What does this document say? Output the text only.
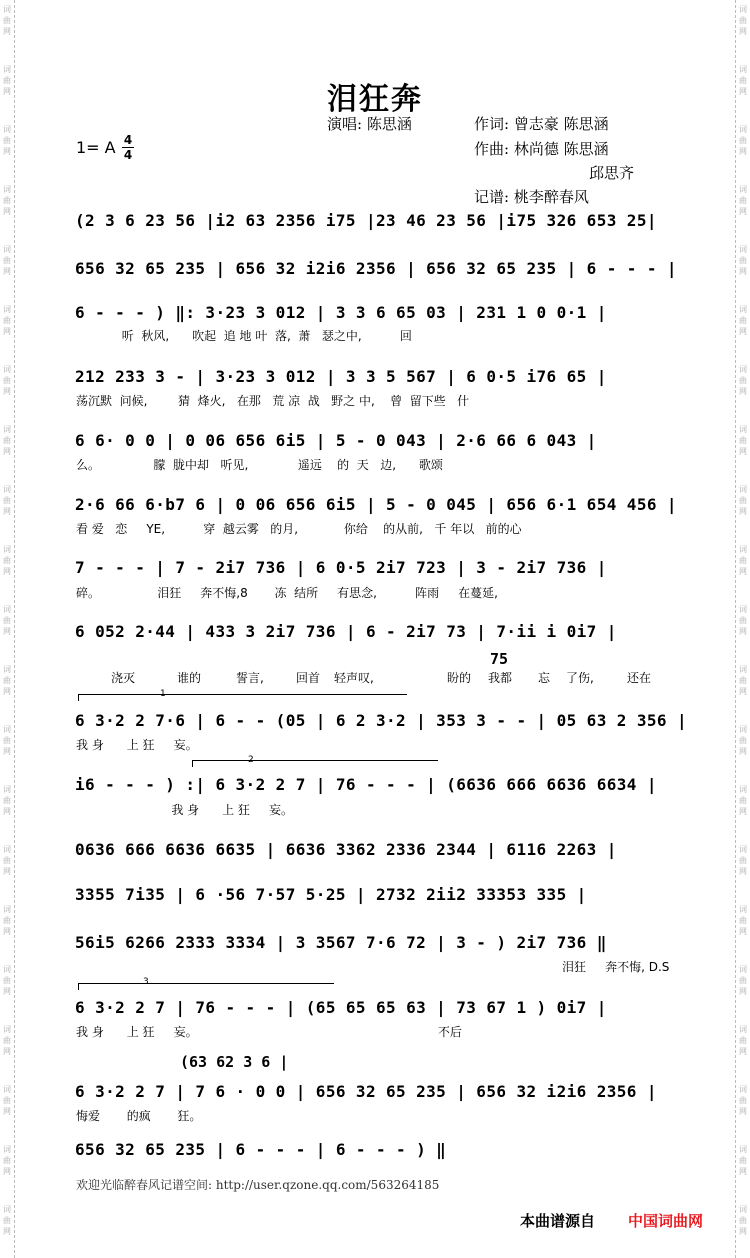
词
曲
网
词
曲
网
词
曲
网
词
曲
网
词
曲
网
词
曲
网
词
曲
网
词
曲
网
词
曲
网
词
曲
网
词
曲
网
词
曲
网
词
曲
网
词
曲
网
词
曲
网
词
曲
网
词
曲
网
词
曲
网
词
曲
网
词
曲
网
词
曲
网
词
曲
网
词
曲
网
词
曲
网
词
曲
网
词
曲
网
词
曲
网
词
曲
网
词
曲
网
词
曲
网
词
曲
网
词
曲
网
词
曲
网
词
曲
网
词
曲
网
词
曲
网
词
曲
网
词
曲
网
词
曲
网
词
曲
网
词
曲
网
词
曲
网
泪狂奔
演唱: 陈思涵	作词: 曾志豪 陈思涵
作曲: 林尚德 陈思涵
邱思齐
记谱: 桃李醉春风
1= A 4
4
(2 3 6 23 56 |i2 63 2356 i75 |23 46 23 56 |i75 326 653 25|
656 32 65 235 | 656 32 i2i6 2356 | 656 32 65 235 | 6 - - - |
6 - - - ) ‖: 3·23 3 012 | 3 3 6 65 03 | 231 1 0 0·1 |
听  秋风,      吹起  追 地 叶  落,  萧   瑟之中,          回
212 233 3 - | 3·23 3 012 | 3 3 5 567 | 6 0·5 i76 65 |
荡沉默  问候,        猜  烽火,   在那   荒 凉  战   野之 中,    曾  留下些   什
6 6· 0 0 | 0 06 656 6i5 | 5 - 0 043 | 2·6 66 6 043 |
么。              朦  胧中却   听见,             遥远    的  天   边,      歌颂
2·6 66 6·b7 6 | 0 06 656 6i5 | 5 - 0 045 | 656 6·1 654 456 |
看 爱   恋     YE,          穿  越云雾   的月,            你给    的从前,   千 年以   前的心
7 - - - | 7 - 2i7 736 | 6 0·5 2i7 723 | 3 - 2i7 736 |
碎。               泪狂     奔不悔,8       冻  结所     有思念,          阵雨     在蔓延,
6 052 2·44 | 433 3 2i7 736 | 6 - 2i7 73 | 7·ii i 0i7 |
75
浇灭	谁的	誓言,	回首	轻声叹,	盼的	我都	忘	了伤,	还在
1
6 3·2 2 7·6 | 6 - - (05 | 6 2 3·2 | 353 3 - - | 05 63 2 356 |
我 身      上 狂     妄。
2
i6 - - - ) :| 6 3·2 2 7 | 76 - - - | (6636 666 6636 6634 |
我 身      上 狂     妄。
0636 666 6636 6635 | 6636 3362 2336 2344 | 6116 2263 |
3355 7i35 | 6 ·56 7·57 5·25 | 2732 2ii2 33353 335 |
56i5 6266 2333 3334 | 3 3567 7·6 72 | 3 - ) 2i7 736 ‖
泪狂     奔不悔, D.S
3
6 3·2 2 7 | 76 - - - | (65 65 65 63 | 73 67 1 ) 0i7 |
我 身      上 狂     妄。                                                               不后
(63 62 3 6 |
6 3·2 2 7 | 7 6 · 0 0 | 656 32 65 235 | 656 32 i2i6 2356 |
悔爱       的疯       狂。
656 32 65 235 | 6 - - - | 6 - - - ) ‖
欢迎光临醉春风记谱空间: http://user.qzone.qq.com/563264185
本曲谱源自 中国词曲网
